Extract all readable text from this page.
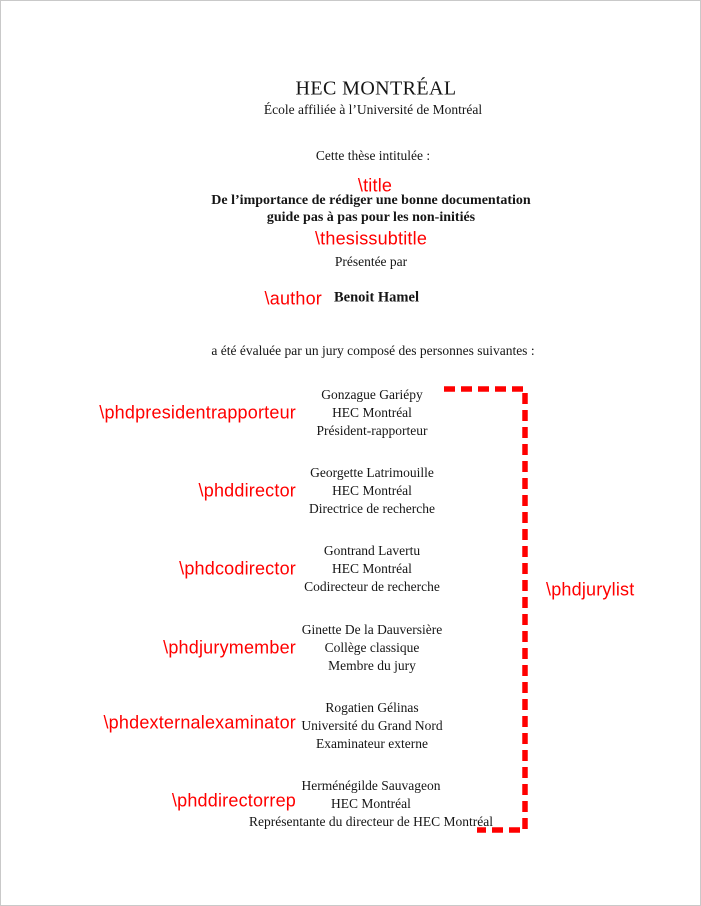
HEC MONTRÉAL
École affiliée à l’Université de Montréal
Cette thèse intitulée :
\title
De l’importance de rédiger une bonne documentation
guide pas à pas pour les non-initiés
\thesissubtitle
Présentée par
\author Benoit Hamel
a été évaluée par un jury composé des personnes suivantes :
\phdpresidentrapporteur
Gonzague Gariépy
HEC Montréal
Président-rapporteur
\phddirector
Georgette Latrimouille
HEC Montréal
Directrice de recherche
\phdcodirector
Gontrand Lavertu
HEC Montréal
Codirecteur de recherche
\phdjurymember
Ginette De la Dauversière
Collège classique
Membre du jury
\phdexternalexaminator
Rogatien Gélinas
Université du Grand Nord
Examinateur externe
\phddirectorrep
Herménégilde Sauvageon
HEC Montréal
Représentante du directeur de HEC Montréal
\phdjurylist
